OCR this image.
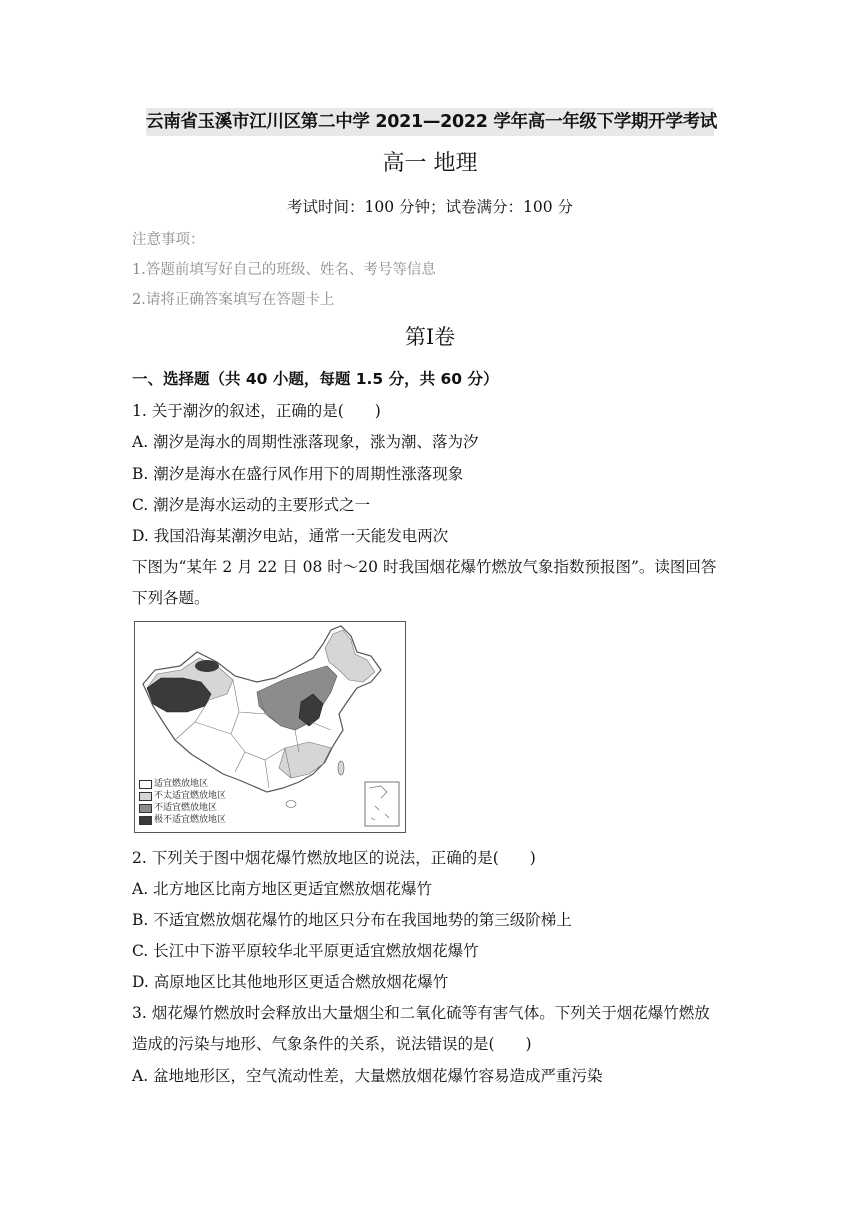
云南省玉溪市江川区第二中学 2021—2022 学年高一年级下学期开学考试
高一 地理
考试时间：100 分钟；试卷满分：100 分
注意事项：
1.答题前填写好自己的班级、姓名、考号等信息
2.请将正确答案填写在答题卡上
第Ⅰ卷
一、选择题（共 40 小题，每题 1.5 分，共 60 分）
1. 关于潮汐的叙述，正确的是(　　)
A. 潮汐是海水的周期性涨落现象，涨为潮、落为汐
B. 潮汐是海水在盛行风作用下的周期性涨落现象
C. 潮汐是海水运动的主要形式之一
D. 我国沿海某潮汐电站，通常一天能发电两次
下图为“某年 2 月 22 日 08 时～20 时我国烟花爆竹燃放气象指数预报图”。读图回答
下列各题。
适宜燃放地区
不太适宜燃放地区
不适宜燃放地区
极不适宜燃放地区
2. 下列关于图中烟花爆竹燃放地区的说法，正确的是(　　)
A. 北方地区比南方地区更适宜燃放烟花爆竹
B. 不适宜燃放烟花爆竹的地区只分布在我国地势的第三级阶梯上
C. 长江中下游平原较华北平原更适宜燃放烟花爆竹
D. 高原地区比其他地形区更适合燃放烟花爆竹
3. 烟花爆竹燃放时会释放出大量烟尘和二氧化硫等有害气体。下列关于烟花爆竹燃放
造成的污染与地形、气象条件的关系，说法错误的是(　　)
A. 盆地地形区，空气流动性差，大量燃放烟花爆竹容易造成严重污染
